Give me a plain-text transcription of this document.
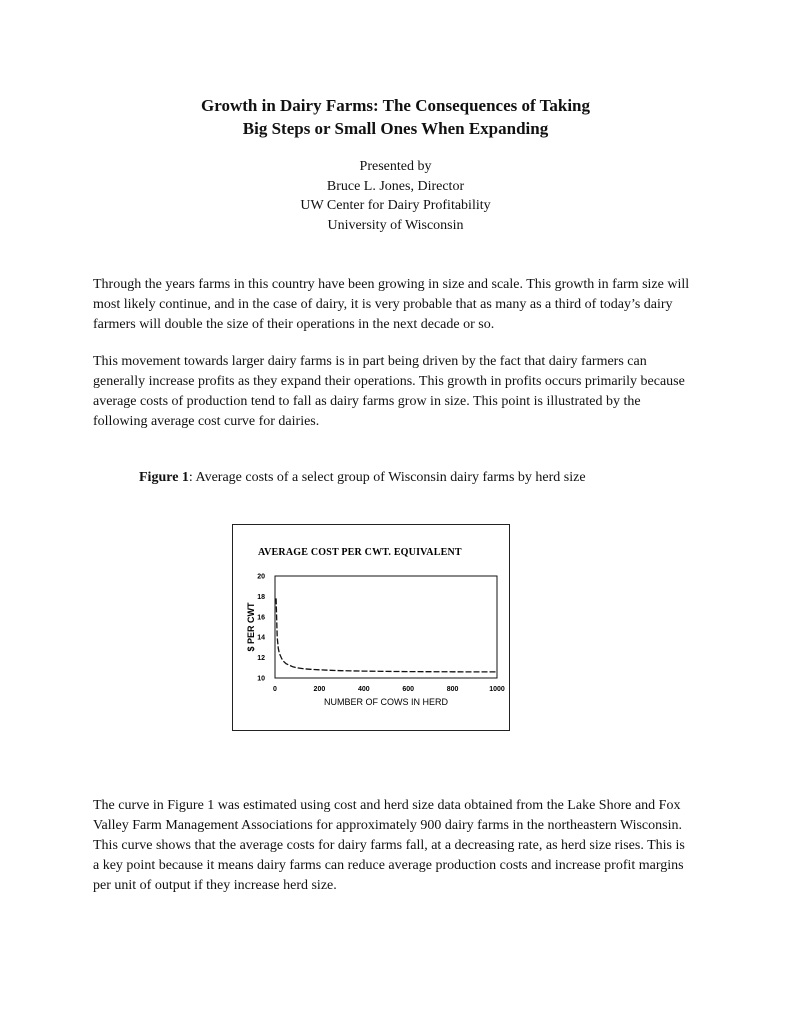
Growth in Dairy Farms: The Consequences of Taking
Big Steps or Small Ones When Expanding
Presented by
Bruce L. Jones, Director
UW Center for Dairy Profitability
University of Wisconsin

Through the years farms in this country have been growing in size and scale. This growth in farm size will most likely continue, and in the case of dairy, it is very probable that as many as a third of today’s dairy farmers will double the size of their operations in the next decade or so.

This movement towards larger dairy farms is in part being driven by the fact that dairy farmers can generally increase profits as they expand their operations. This growth in profits occurs primarily because average costs of production tend to fall as dairy farms grow in size. This point is illustrated by the following average cost curve for dairies.

Figure 1: Average costs of a select group of Wisconsin dairy farms by herd size
AVERAGE COST PER CWT. EQUIVALENT
20
18
16
14
12
10
0	200	400	600	800	1000
$ PER CWT
NUMBER OF COWS IN HERD

The curve in Figure 1 was estimated using cost and herd size data obtained from the Lake Shore and Fox Valley Farm Management Associations for approximately 900 dairy farms in the northeastern Wisconsin. This curve shows that the average costs for dairy farms fall, at a decreasing rate, as herd size rises. This is a key point because it means dairy farms can reduce average production costs and increase profit margins per unit of output if they increase herd size.
